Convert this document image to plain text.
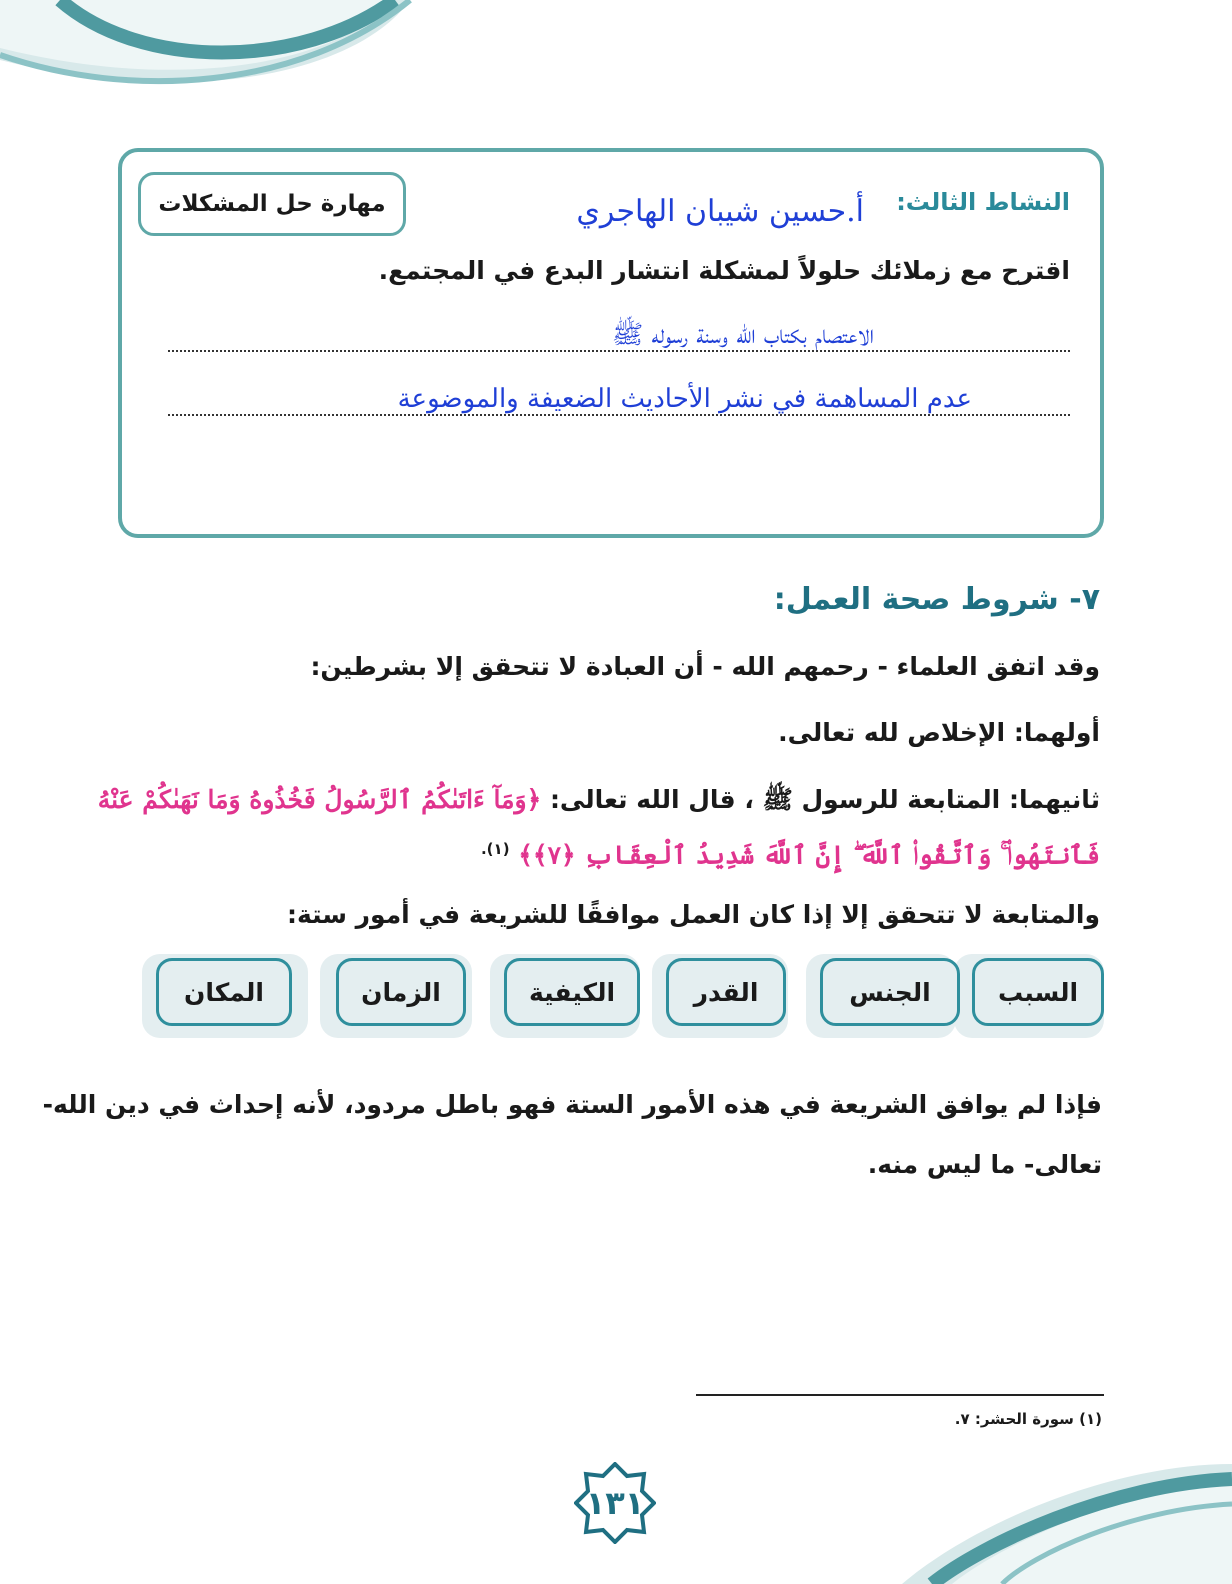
مهارة حل المشكلات	النشاط الثالث:
أ.حسين شيبان الهاجري
اقترح مع زملائك حلولاً لمشكلة انتشار البدع في المجتمع.
الاعتصام بكتاب الله وسنة رسوله ﷺ
عدم المساهمة في نشر الأحاديث الضعيفة والموضوعة
٧- شروط صحة العمل:
وقد اتفق العلماء - رحمهم الله - أن العبادة لا تتحقق إلا بشرطين:
أولهما: الإخلاص لله تعالى.
ثانيهما: المتابعة للرسول ﷺ ، قال الله تعالى: ﴿وَمَآ ءَاتَىٰكُمُ ٱلرَّسُولُ فَخُذُوهُ وَمَا نَهَىٰكُمْ عَنْهُ
فَٱنتَهُوا۟ ۚ وَٱتَّقُوا۟ ٱللَّهَ ۖ إِنَّ ٱللَّهَ شَدِيدُ ٱلْعِقَابِ ﴿٧﴾﴾ $^{(١).}$
والمتابعة لا تتحقق إلا إذا كان العمل موافقًا للشريعة في أمور ستة:
السبب
الجنس
القدر
الكيفية
الزمان
المكان
فإذا لم يوافق الشريعة في هذه الأمور الستة فهو باطل مردود، لأنه إحداث في دين الله-
تعالى- ما ليس منه.
(١) سورة الحشر: ٧.
١٣١
